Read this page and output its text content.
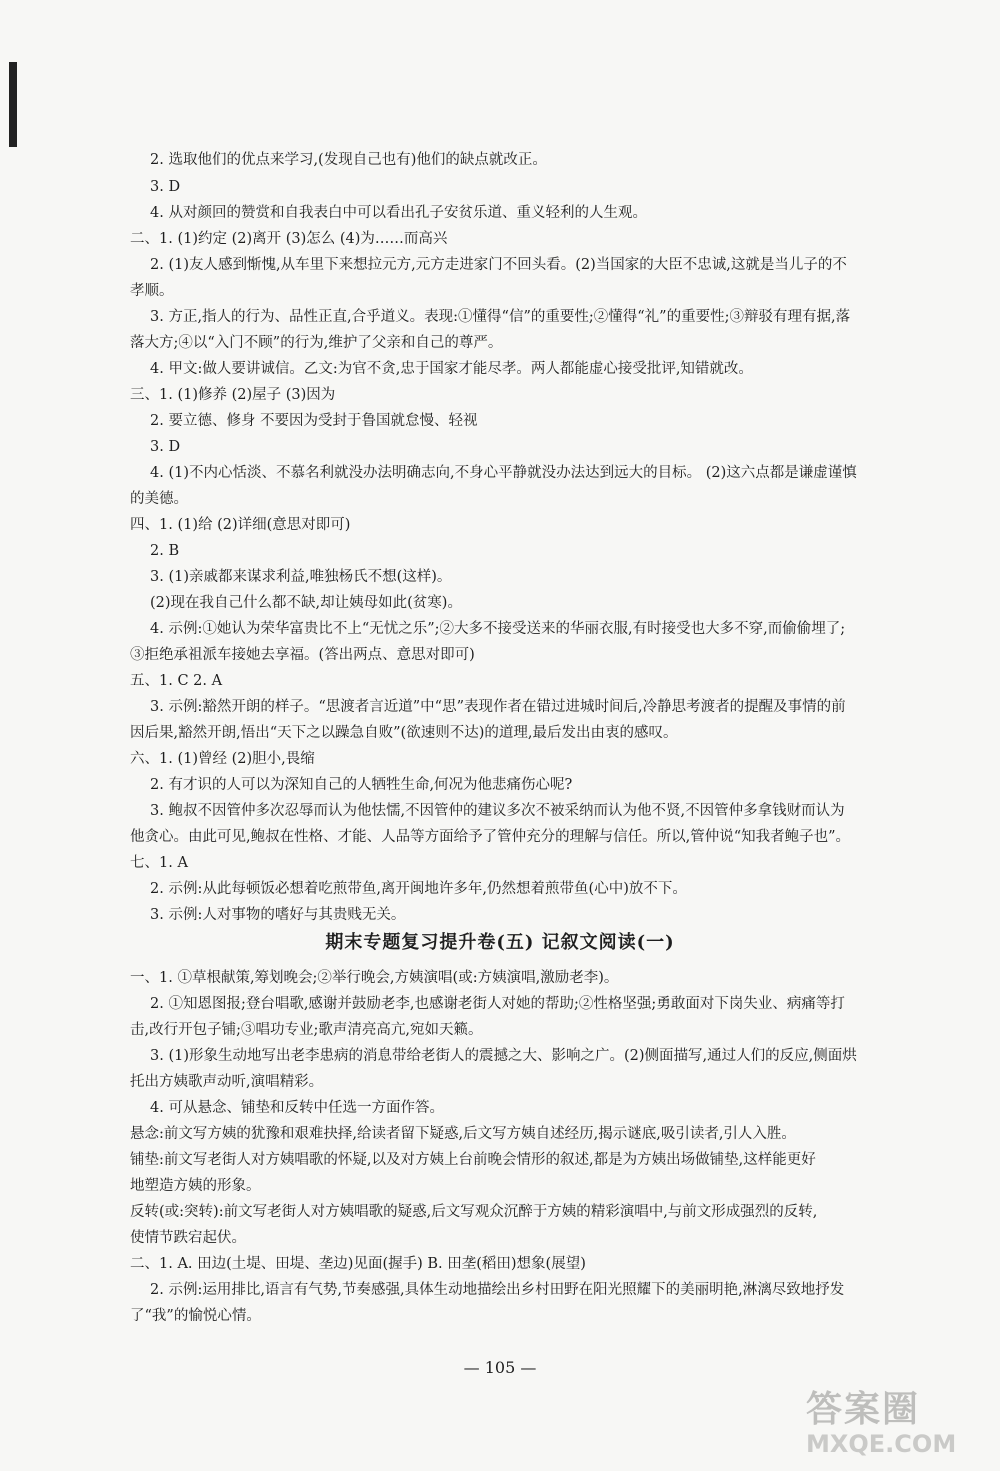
期末专题复习提升卷(五) 记叙文阅读(一)
— 105 —
答案圈
MXQE.COM
2. 选取他们的优点来学习,(发现自己也有)他们的缺点就改正。
3. D
4. 从对颜回的赞赏和自我表白中可以看出孔子安贫乐道、重义轻利的人生观。
二、1. (1)约定 (2)离开 (3)怎么 (4)为……而高兴
2. (1)友人感到惭愧,从车里下来想拉元方,元方走进家门不回头看。(2)当国家的大臣不忠诚,这就是当儿子的不
孝顺。
3. 方正,指人的行为、品性正直,合乎道义。表现:①懂得“信”的重要性;②懂得“礼”的重要性;③辩驳有理有据,落
落大方;④以“入门不顾”的行为,维护了父亲和自己的尊严。
4. 甲文:做人要讲诚信。乙文:为官不贪,忠于国家才能尽孝。两人都能虚心接受批评,知错就改。
三、1. (1)修养 (2)屋子 (3)因为
2. 要立德、修身 不要因为受封于鲁国就怠慢、轻视
3. D
4. (1)不内心恬淡、不慕名利就没办法明确志向,不身心平静就没办法达到远大的目标。 (2)这六点都是谦虚谨慎
的美德。
四、1. (1)给 (2)详细(意思对即可)
2. B
3. (1)亲戚都来谋求利益,唯独杨氏不想(这样)。
(2)现在我自己什么都不缺,却让姨母如此(贫寒)。
4. 示例:①她认为荣华富贵比不上“无忧之乐”;②大多不接受送来的华丽衣服,有时接受也大多不穿,而偷偷埋了;
③拒绝承祖派车接她去享福。(答出两点、意思对即可)
五、1. C 2. A
3. 示例:豁然开朗的样子。“思渡者言近道”中“思”表现作者在错过进城时间后,冷静思考渡者的提醒及事情的前
因后果,豁然开朗,悟出“天下之以躁急自败”(欲速则不达)的道理,最后发出由衷的感叹。
六、1. (1)曾经 (2)胆小,畏缩
2. 有才识的人可以为深知自己的人牺牲生命,何况为他悲痛伤心呢?
3. 鲍叔不因管仲多次忍辱而认为他怯懦,不因管仲的建议多次不被采纳而认为他不贤,不因管仲多拿钱财而认为
他贪心。由此可见,鲍叔在性格、才能、人品等方面给予了管仲充分的理解与信任。所以,管仲说“知我者鲍子也”。
七、1. A
2. 示例:从此每顿饭必想着吃煎带鱼,离开闽地许多年,仍然想着煎带鱼(心中)放不下。
3. 示例:人对事物的嗜好与其贵贱无关。
一、1. ①草根献策,筹划晚会;②举行晚会,方姨演唱(或:方姨演唱,激励老李)。
2. ①知恩图报;登台唱歌,感谢并鼓励老李,也感谢老街人对她的帮助;②性格坚强;勇敢面对下岗失业、病痛等打
击,改行开包子铺;③唱功专业;歌声清亮高亢,宛如天籁。
3. (1)形象生动地写出老李患病的消息带给老街人的震撼之大、影响之广。(2)侧面描写,通过人们的反应,侧面烘
托出方姨歌声动听,演唱精彩。
4. 可从悬念、铺垫和反转中任选一方面作答。
悬念:前文写方姨的犹豫和艰难抉择,给读者留下疑惑,后文写方姨自述经历,揭示谜底,吸引读者,引人入胜。
铺垫:前文写老街人对方姨唱歌的怀疑,以及对方姨上台前晚会情形的叙述,都是为方姨出场做铺垫,这样能更好
地塑造方姨的形象。
反转(或:突转):前文写老街人对方姨唱歌的疑惑,后文写观众沉醉于方姨的精彩演唱中,与前文形成强烈的反转,
使情节跌宕起伏。
二、1. A. 田边(土堤、田堤、垄边)见面(握手) B. 田垄(稻田)想象(展望)
2. 示例:运用排比,语言有气势,节奏感强,具体生动地描绘出乡村田野在阳光照耀下的美丽明艳,淋漓尽致地抒发
了“我”的愉悦心情。
